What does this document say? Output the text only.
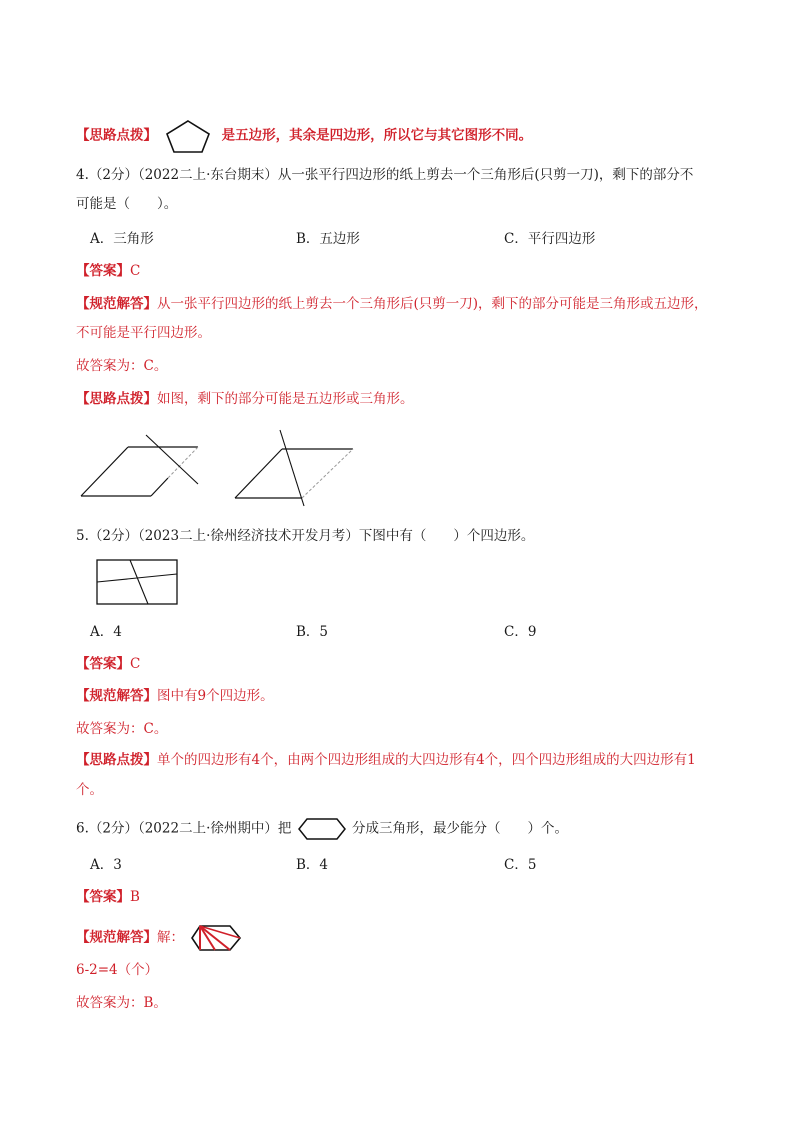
【思路点拨】	是五边形，其余是四边形，所以它与其它图形不同。
4.（2分）（2022二上·东台期末）从一张平行四边形的纸上剪去一个三角形后(只剪一刀)，剩下的部分不
可能是（　　）。
A．三角形	B．五边形	C．平行四边形
【答案】C
【规范解答】从一张平行四边形的纸上剪去一个三角形后(只剪一刀)，剩下的部分可能是三角形或五边形，
不可能是平行四边形。
故答案为：C。
【思路点拨】如图，剩下的部分可能是五边形或三角形。
5.（2分）（2023二上·徐州经济技术开发月考）下图中有（　　）个四边形。
A．4	B．5	C．9
【答案】C
【规范解答】图中有9个四边形。
故答案为：C。
【思路点拨】单个的四边形有4个，由两个四边形组成的大四边形有4个，四个四边形组成的大四边形有1
个。
6.（2分）（2022二上·徐州期中）把	分成三角形，最少能分（　　）个。
A．3	B．4	C．5
【答案】B
【规范解答】解：
6-2=4（个）
故答案为：B。
